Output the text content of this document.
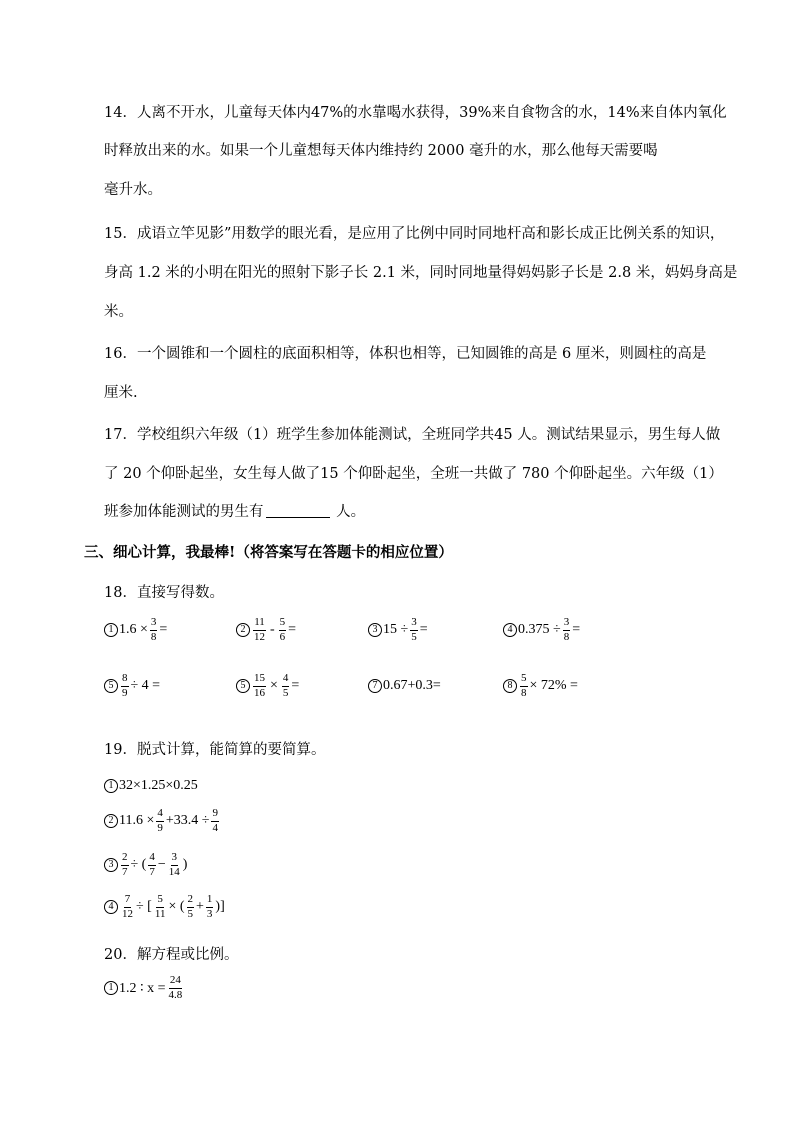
14．人离不开水，儿童每天体内47%的水靠喝水获得，39%来自食物含的水，14%来自体内氧化
时释放出来的水。如果一个儿童想每天体内维持约 2000 毫升的水，那么他每天需要喝
毫升水。
15．成语立竿见影”用数学的眼光看，是应用了比例中同时同地杆高和影长成正比例关系的知识，
身高 1.2 米的小明在阳光的照射下影子长 2.1 米，同时同地量得妈妈影子长是 2.8 米，妈妈身高是
米。
16．一个圆锥和一个圆柱的底面积相等，体积也相等，已知圆锥的高是 6 厘米，则圆柱的高是
厘米.
17．学校组织六年级（1）班学生参加体能测试，全班同学共45 人。测试结果显示，男生每人做
了 20 个仰卧起坐，女生每人做了15 个仰卧起坐，全班一共做了 780 个仰卧起坐。六年级（1）
班参加体能测试的男生有	人。
三、细心计算，我最棒!（将答案写在答题卡的相应位置）
18．直接写得数。
1 $1.6 \times \frac{3}{8}$ =	$2 \frac{11}{12} - \frac{5}{6}$ =	3 $15 \div \frac{3}{5}$ =	4 $0.375 \div \frac{3}{8}$ =
$5 \frac{8}{9} \div 4$ =	$5 \frac{15}{16} \times \frac{4}{5}$ =	7 0.67+0.3=	$8 \frac{5}{8} \times 72\%$ =
19．脱式计算，能简算的要简算。
1 32×1.25×0.25
2 $11.6 \times \frac{4}{9} +33.4 \div \frac{9}{4}$
$3 \frac{2}{7}$ ÷ ( $\frac{4}{7} - \frac{3}{14}$ )
$4 \frac{7}{12}$ ÷ [ $\frac{5}{11}$ × ( $\frac{2}{5} + \frac{1}{3}$ )]
20．解方程或比例。
1 1.2 ∶ $x = \frac{24}{4.8}$
